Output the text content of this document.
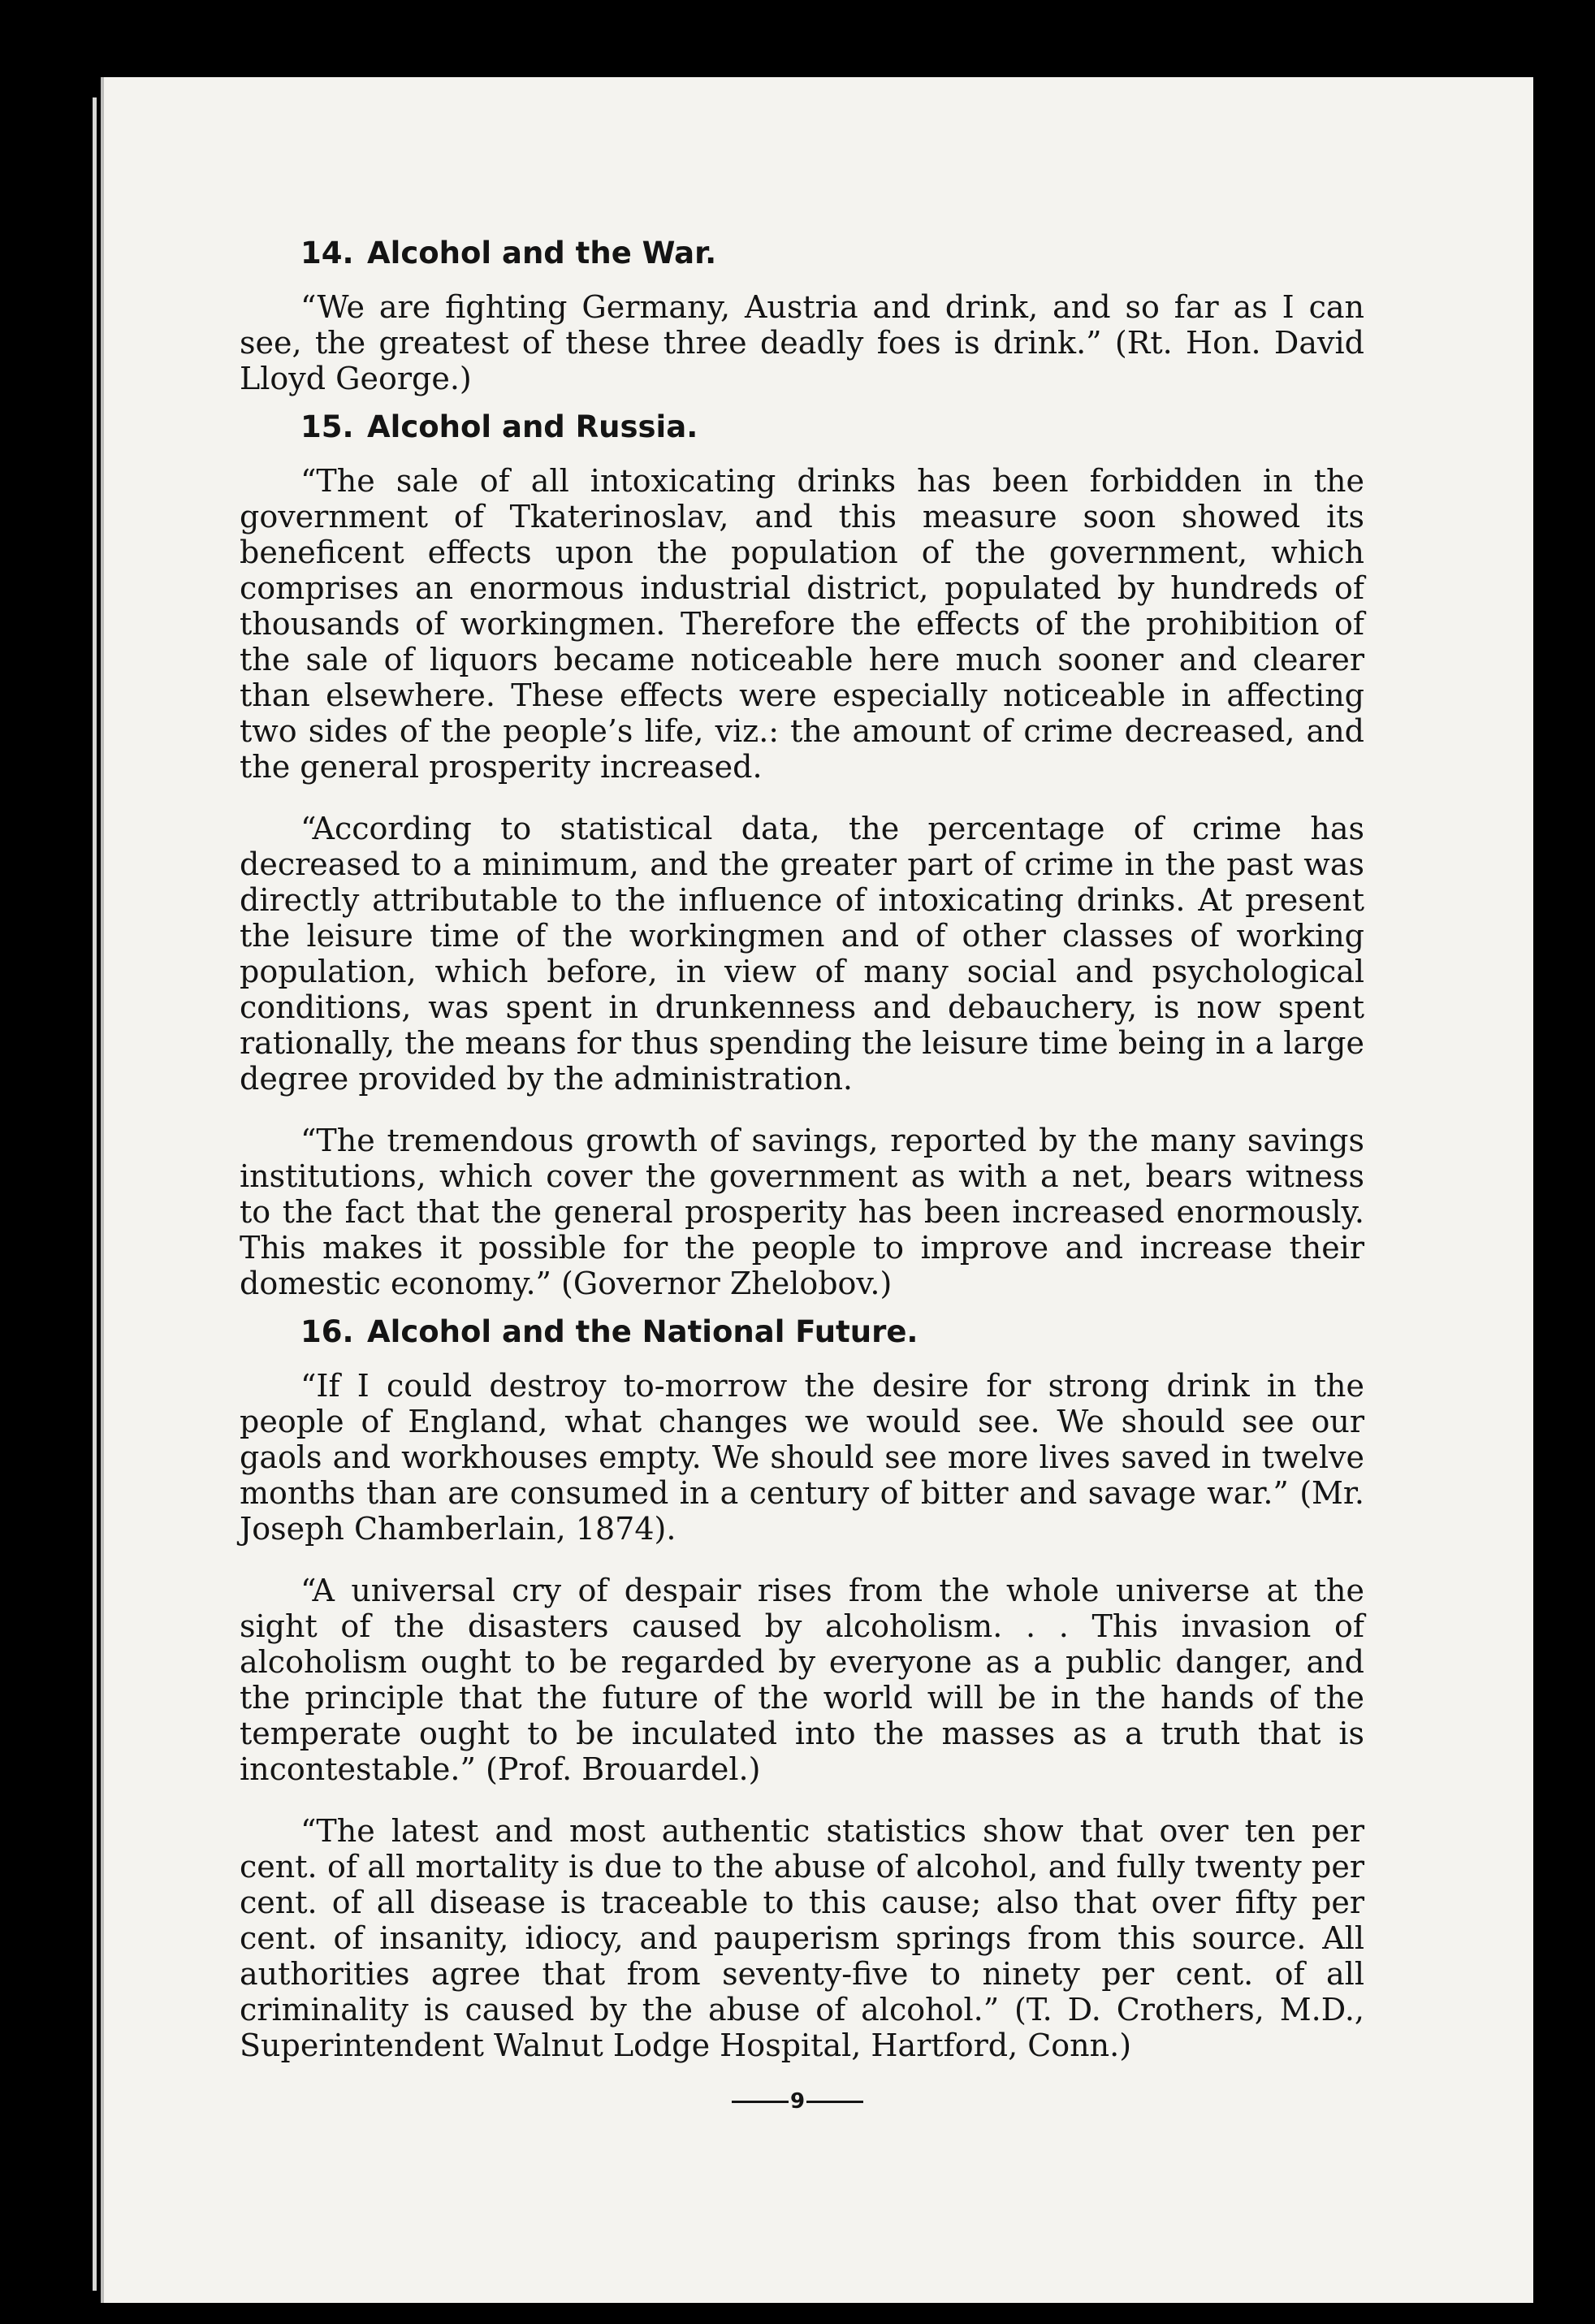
14. Alcohol and the War.

“We are fighting Germany, Austria and drink, and so far as I can see, the greatest of these three deadly foes is drink.” (Rt. Hon. David Lloyd George.)

15. Alcohol and Russia.

“The sale of all intoxicating drinks has been forbidden in the government of Tkaterinoslav, and this measure soon showed its beneficent effects upon the population of the government, which comprises an enormous industrial district, populated by hundreds of thousands of workingmen. Therefore the effects of the prohibition of the sale of liquors became noticeable here much sooner and clearer than elsewhere. These effects were especially noticeable in affecting two sides of the people’s life, viz.: the amount of crime decreased, and the general prosperity increased.

“According to statistical data, the percentage of crime has decreased to a minimum, and the greater part of crime in the past was directly attributable to the influence of intoxicating drinks. At present the leisure time of the workingmen and of other classes of working population, which before, in view of many social and psychological conditions, was spent in drunkenness and debauchery, is now spent rationally, the means for thus spending the leisure time being in a large degree provided by the administration.

“The tremendous growth of savings, reported by the many savings institutions, which cover the government as with a net, bears witness to the fact that the general prosperity has been increased enormously. This makes it possible for the people to improve and increase their domestic economy.” (Governor Zhelobov.)

16. Alcohol and the National Future.

“If I could destroy to-morrow the desire for strong drink in the people of England, what changes we would see. We should see our gaols and workhouses empty. We should see more lives saved in twelve months than are consumed in a century of bitter and savage war.” (Mr. Joseph Chamberlain, 1874).

“A universal cry of despair rises from the whole universe at the sight of the disasters caused by alcoholism. . . This invasion of alcoholism ought to be regarded by everyone as a public danger, and the principle that the future of the world will be in the hands of the temperate ought to be inculated into the masses as a truth that is incontestable.” (Prof. Brouardel.)

“The latest and most authentic statistics show that over ten per cent. of all mortality is due to the abuse of alcohol, and fully twenty per cent. of all disease is traceable to this cause; also that over fifty per cent. of insanity, idiocy, and pauperism springs from this source. All authorities agree that from seventy-five to ninety per cent. of all criminality is caused by the abuse of alcohol.” (T. D. Crothers, M.D., Superintendent Walnut Lodge Hospital, Hartford, Conn.)

9
